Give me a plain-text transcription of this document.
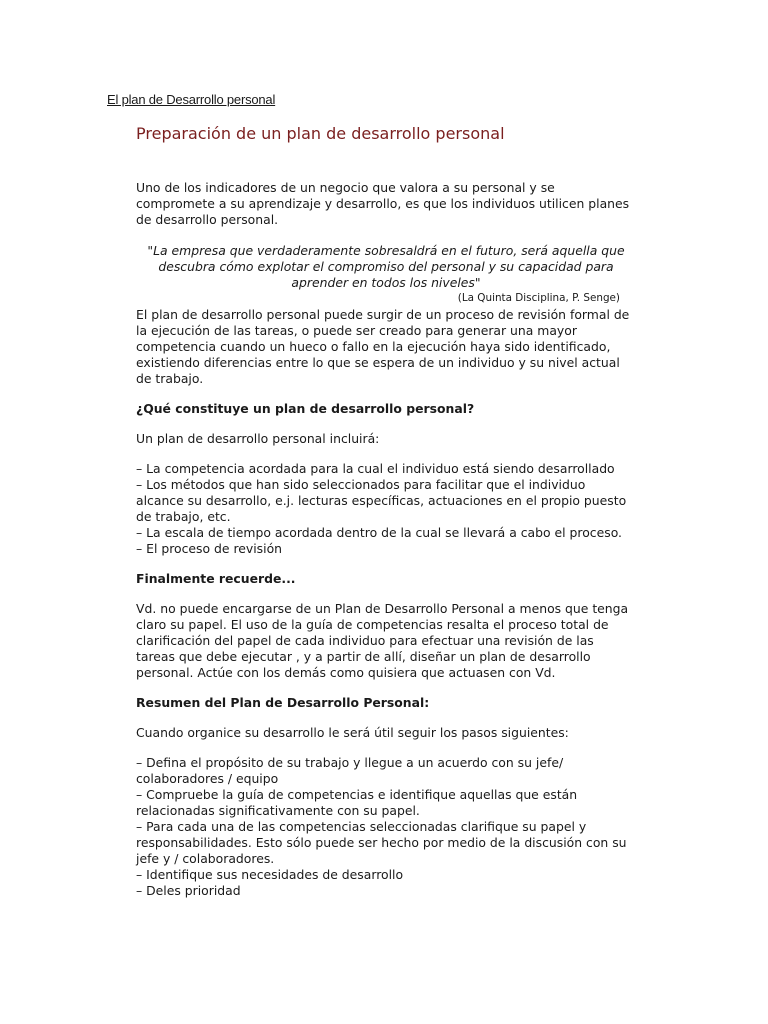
El plan de Desarrollo personal
Preparación de un plan de desarrollo personal

Uno de los indicadores de un negocio que valora a su personal y se compromete a su aprendizaje y desarrollo, es que los individuos utilicen planes de desarrollo personal.

"La empresa que verdaderamente sobresaldrá en el futuro, será aquella que descubra cómo explotar el compromiso del personal y su capacidad para aprender en todos los niveles"

(La Quinta Disciplina, P. Senge)

El plan de desarrollo personal puede surgir de un proceso de revisión formal de la ejecución de las tareas, o puede ser creado para generar una mayor competencia cuando un hueco o fallo en la ejecución haya sido identificado, existiendo diferencias entre lo que se espera de un individuo y su nivel actual de trabajo.

¿Qué constituye un plan de desarrollo personal?

Un plan de desarrollo personal incluirá:

– La competencia acordada para la cual el individuo está siendo desarrollado
– Los métodos que han sido seleccionados para facilitar que el individuo alcance su desarrollo, e.j. lecturas específicas, actuaciones en el propio puesto de trabajo, etc.
– La escala de tiempo acordada dentro de la cual se llevará a cabo el proceso.
– El proceso de revisión

Finalmente recuerde...

Vd. no puede encargarse de un Plan de Desarrollo Personal a menos que tenga claro su papel. El uso de la guía de competencias resalta el proceso total de clarificación del papel de cada individuo para efectuar una revisión de las tareas que debe ejecutar , y a partir de allí, diseñar un plan de desarrollo personal. Actúe con los demás como quisiera que actuasen con Vd.

Resumen del Plan de Desarrollo Personal:

Cuando organice su desarrollo le será útil seguir los pasos siguientes:

– Defina el propósito de su trabajo y llegue a un acuerdo con su jefe/ colaboradores / equipo
– Compruebe la guía de competencias e identifique aquellas que están relacionadas significativamente con su papel.
– Para cada una de las competencias seleccionadas clarifique su papel y responsabilidades. Esto sólo puede ser hecho por medio de la discusión con su jefe y / colaboradores.
– Identifique sus necesidades de desarrollo
– Deles prioridad
